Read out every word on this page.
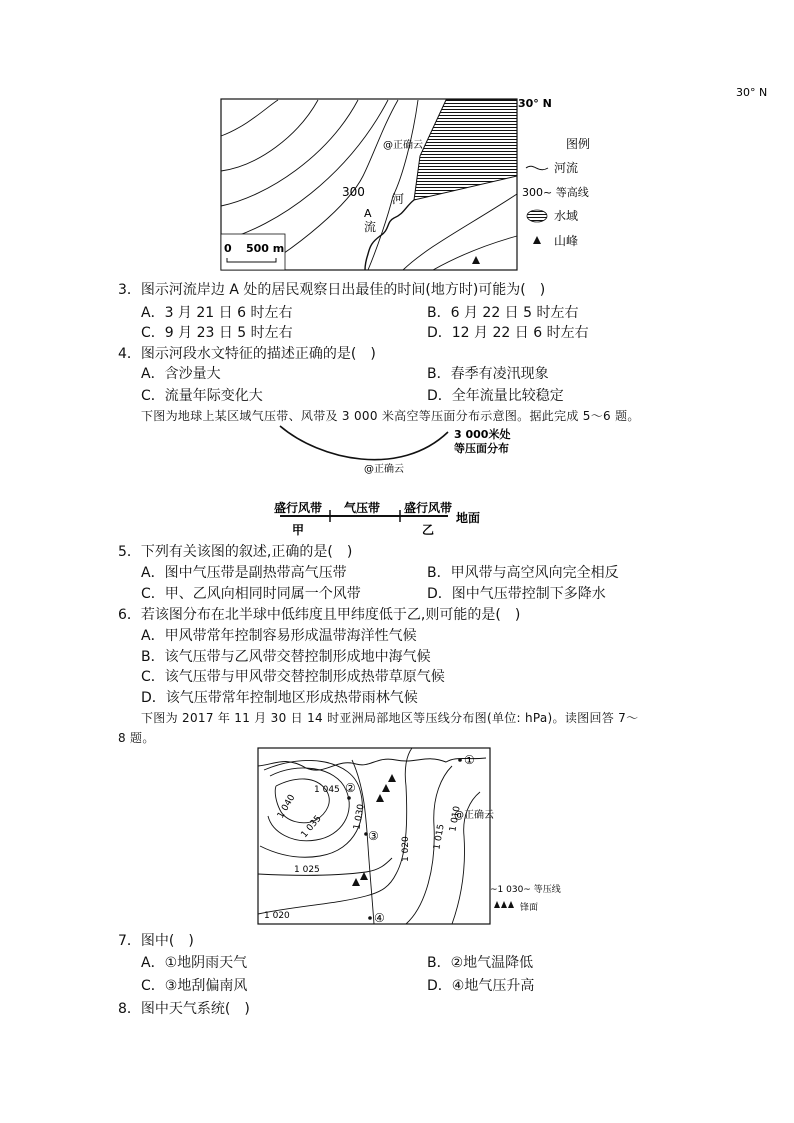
30° N
30° N
@正确云
300 河
A
流
0 500 m
图例
河流
300~ 等高线
水域
山峰
3．图示河流岸边 A 处的居民观察日出最佳的时间(地方时)可能为(　)
A．3 月 21 日 6 时左右	B．6 月 22 日 5 时左右
C．9 月 23 日 5 时左右	D．12 月 22 日 6 时左右
4．图示河段水文特征的描述正确的是(　)
A．含沙量大	B．春季有凌汛现象
C．流量年际变化大	D．全年流量比较稳定
下图为地球上某区域气压带、风带及 3 000 米高空等压面分布示意图。据此完成 5～6 题。
3 000米处
等压面分布
@正确云
盛行风带 气压带 盛行风带
甲	乙
地面
5．下列有关该图的叙述,正确的是(　)
A．图中气压带是副热带高气压带	B．甲风带与高空风向完全相反
C．甲、乙风向相同时同属一个风带	D．图中气压带控制下多降水
6．若该图分布在北半球中低纬度且甲纬度低于乙,则可能的是(　)
A．甲风带常年控制容易形成温带海洋性气候
B．该气压带与乙风带交替控制形成地中海气候
C．该气压带与甲风带交替控制形成热带草原气候
D．该气压带常年控制地区形成热带雨林气候
下图为 2017 年 11 月 30 日 14 时亚洲局部地区等压线分布图(单位: hPa)。读图回答 7～
8 题。
①
②
③
④
1 045
1 040
1 035	1 030
1 025
1 020 1 015
1 010
1 020
@正确云
~1 030~ 等压线
锋面
7．图中(　)
A．①地阴雨天气	B．②地气温降低
C．③地刮偏南风	D．④地气压升高
8．图中天气系统(　)
